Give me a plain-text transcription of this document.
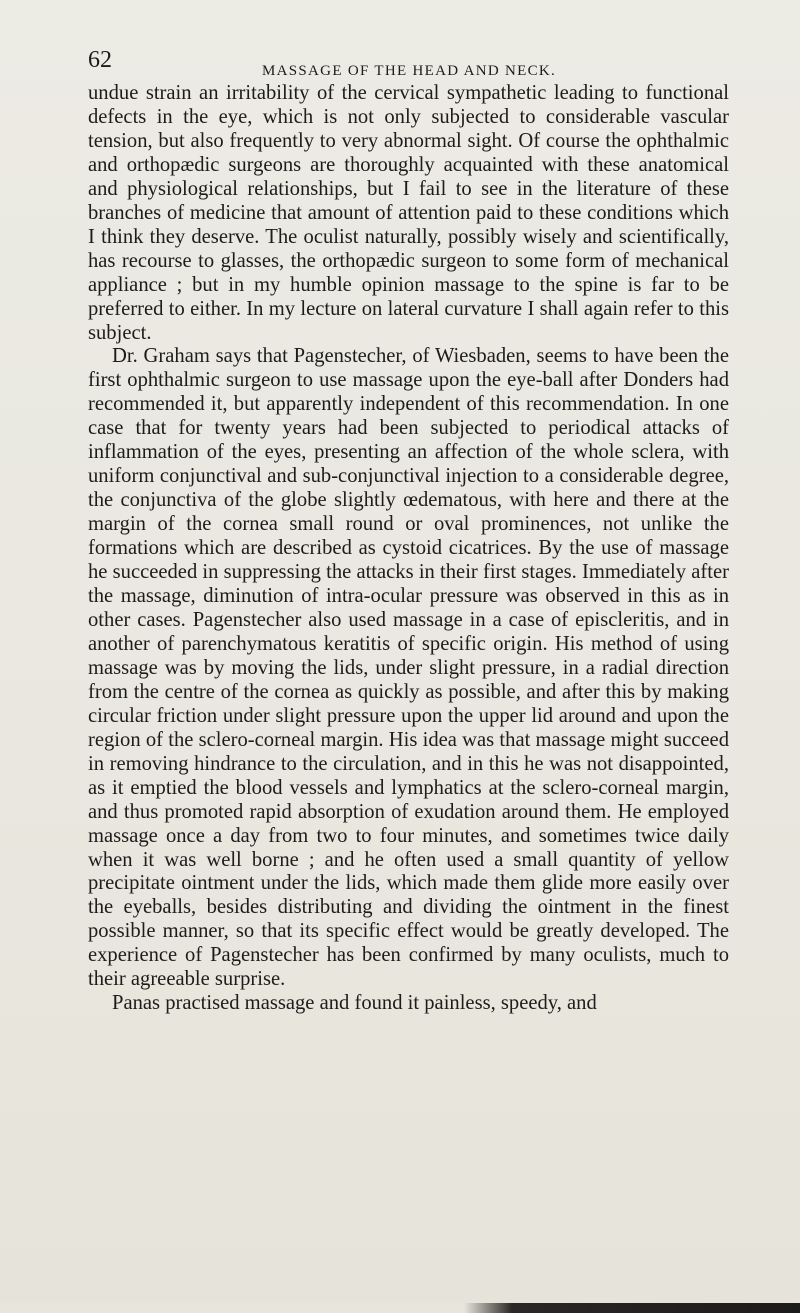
62	MASSAGE OF THE HEAD AND NECK.

undue strain an irritability of the cervical sympathetic leading to functional defects in the eye, which is not only subjected to considerable vascular tension, but also frequently to very abnormal sight. Of course the ophthalmic and orthopædic surgeons are thoroughly acquainted with these anatomical and physiological relationships, but I fail to see in the literature of these branches of medicine that amount of attention paid to these conditions which I think they deserve. The oculist naturally, possibly wisely and scientifically, has recourse to glasses, the orthopædic surgeon to some form of mechanical appliance ; but in my humble opinion massage to the spine is far to be preferred to either. In my lecture on lateral curvature I shall again refer to this subject.

Dr. Graham says that Pagenstecher, of Wiesbaden, seems to have been the first ophthalmic surgeon to use massage upon the eye-ball after Donders had recommended it, but apparently independent of this recommendation. In one case that for twenty years had been subjected to periodical attacks of inflammation of the eyes, presenting an affection of the whole sclera, with uniform conjunctival and sub-conjunctival injection to a considerable degree, the conjunctiva of the globe slightly œdematous, with here and there at the margin of the cornea small round or oval prominences, not unlike the formations which are described as cystoid cicatrices. By the use of massage he succeeded in suppressing the attacks in their first stages. Immediately after the massage, diminution of intra-ocular pressure was observed in this as in other cases. Pagenstecher also used massage in a case of episcleritis, and in another of parenchymatous keratitis of specific origin. His method of using massage was by moving the lids, under slight pressure, in a radial direction from the centre of the cornea as quickly as possible, and after this by making circular friction under slight pressure upon the upper lid around and upon the region of the sclero-corneal margin. His idea was that massage might succeed in removing hindrance to the circulation, and in this he was not disappointed, as it emptied the blood vessels and lymphatics at the sclero-corneal margin, and thus promoted rapid absorption of exudation around them. He employed massage once a day from two to four minutes, and sometimes twice daily when it was well borne ; and he often used a small quantity of yellow precipitate ointment under the lids, which made them glide more easily over the eyeballs, besides distributing and dividing the ointment in the finest possible manner, so that its specific effect would be greatly developed. The experience of Pagenstecher has been confirmed by many oculists, much to their agreeable surprise.

Panas practised massage and found it painless, speedy, and
